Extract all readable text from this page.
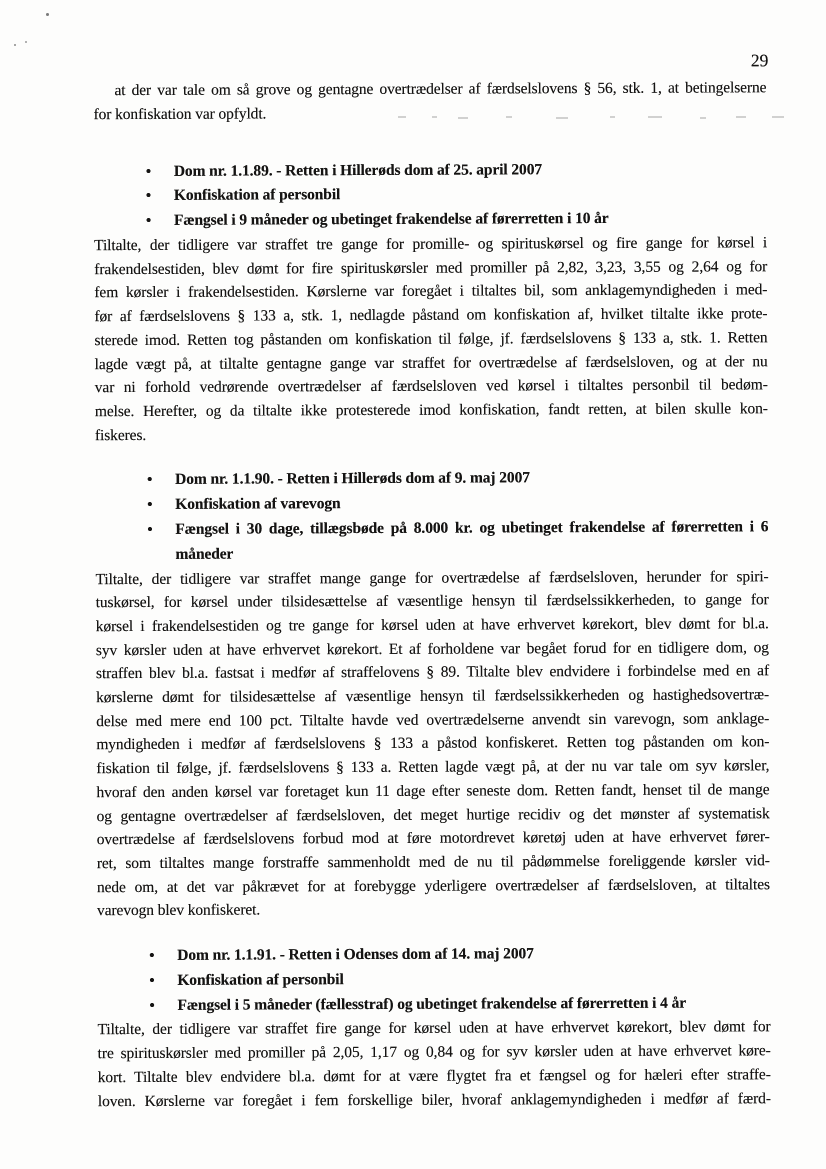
29
at der var tale om så grove og gentagne overtrædelser af færdselslovens § 56, stk. 1, at betingelserne
for konfiskation var opfyldt.
• Dom nr. 1.1.89. - Retten i Hillerøds dom af 25. april 2007
• Konfiskation af personbil
• Fængsel i 9 måneder og ubetinget frakendelse af førerretten i 10 år
Tiltalte, der tidligere var straffet tre gange for promille- og spirituskørsel og fire gange for kørsel i
frakendelsestiden, blev dømt for fire spirituskørsler med promiller på 2,82, 3,23, 3,55 og 2,64 og for
fem kørsler i frakendelsestiden. Kørslerne var foregået i tiltaltes bil, som anklagemyndigheden i med-
før af færdselslovens § 133 a, stk. 1, nedlagde påstand om konfiskation af, hvilket tiltalte ikke prote-
sterede imod. Retten tog påstanden om konfiskation til følge, jf. færdselslovens § 133 a, stk. 1. Retten
lagde vægt på, at tiltalte gentagne gange var straffet for overtrædelse af færdselsloven, og at der nu
var ni forhold vedrørende overtrædelser af færdselsloven ved kørsel i tiltaltes personbil til bedøm-
melse. Herefter, og da tiltalte ikke protesterede imod konfiskation, fandt retten, at bilen skulle kon-
fiskeres.
• Dom nr. 1.1.90. - Retten i Hillerøds dom af 9. maj 2007
• Konfiskation af varevogn
• Fængsel i 30 dage, tillægsbøde på 8.000 kr. og ubetinget frakendelse af førerretten i 6 måneder
Tiltalte, der tidligere var straffet mange gange for overtrædelse af færdselsloven, herunder for spiri-
tuskørsel, for kørsel under tilsidesættelse af væsentlige hensyn til færdselssikkerheden, to gange for
kørsel i frakendelsestiden og tre gange for kørsel uden at have erhvervet kørekort, blev dømt for bl.a.
syv kørsler uden at have erhvervet kørekort. Et af forholdene var begået forud for en tidligere dom, og
straffen blev bl.a. fastsat i medfør af straffelovens § 89. Tiltalte blev endvidere i forbindelse med en af
kørslerne dømt for tilsidesættelse af væsentlige hensyn til færdselssikkerheden og hastighedsovertræ-
delse med mere end 100 pct. Tiltalte havde ved overtrædelserne anvendt sin varevogn, som anklage-
myndigheden i medfør af færdselslovens § 133 a påstod konfiskeret. Retten tog påstanden om kon-
fiskation til følge, jf. færdselslovens § 133 a. Retten lagde vægt på, at der nu var tale om syv kørsler,
hvoraf den anden kørsel var foretaget kun 11 dage efter seneste dom. Retten fandt, henset til de mange
og gentagne overtrædelser af færdselsloven, det meget hurtige recidiv og det mønster af systematisk
overtrædelse af færdselslovens forbud mod at føre motordrevet køretøj uden at have erhvervet fører-
ret, som tiltaltes mange forstraffe sammenholdt med de nu til pådømmelse foreliggende kørsler vid-
nede om, at det var påkrævet for at forebygge yderligere overtrædelser af færdselsloven, at tiltaltes
varevogn blev konfiskeret.
• Dom nr. 1.1.91. - Retten i Odenses dom af 14. maj 2007
• Konfiskation af personbil
• Fængsel i 5 måneder (fællesstraf) og ubetinget frakendelse af førerretten i 4 år
Tiltalte, der tidligere var straffet fire gange for kørsel uden at have erhvervet kørekort, blev dømt for
tre spirituskørsler med promiller på 2,05, 1,17 og 0,84 og for syv kørsler uden at have erhvervet køre-
kort. Tiltalte blev endvidere bl.a. dømt for at være flygtet fra et fængsel og for hæleri efter straffe-
loven. Kørslerne var foregået i fem forskellige biler, hvoraf anklagemyndigheden i medfør af færd-
